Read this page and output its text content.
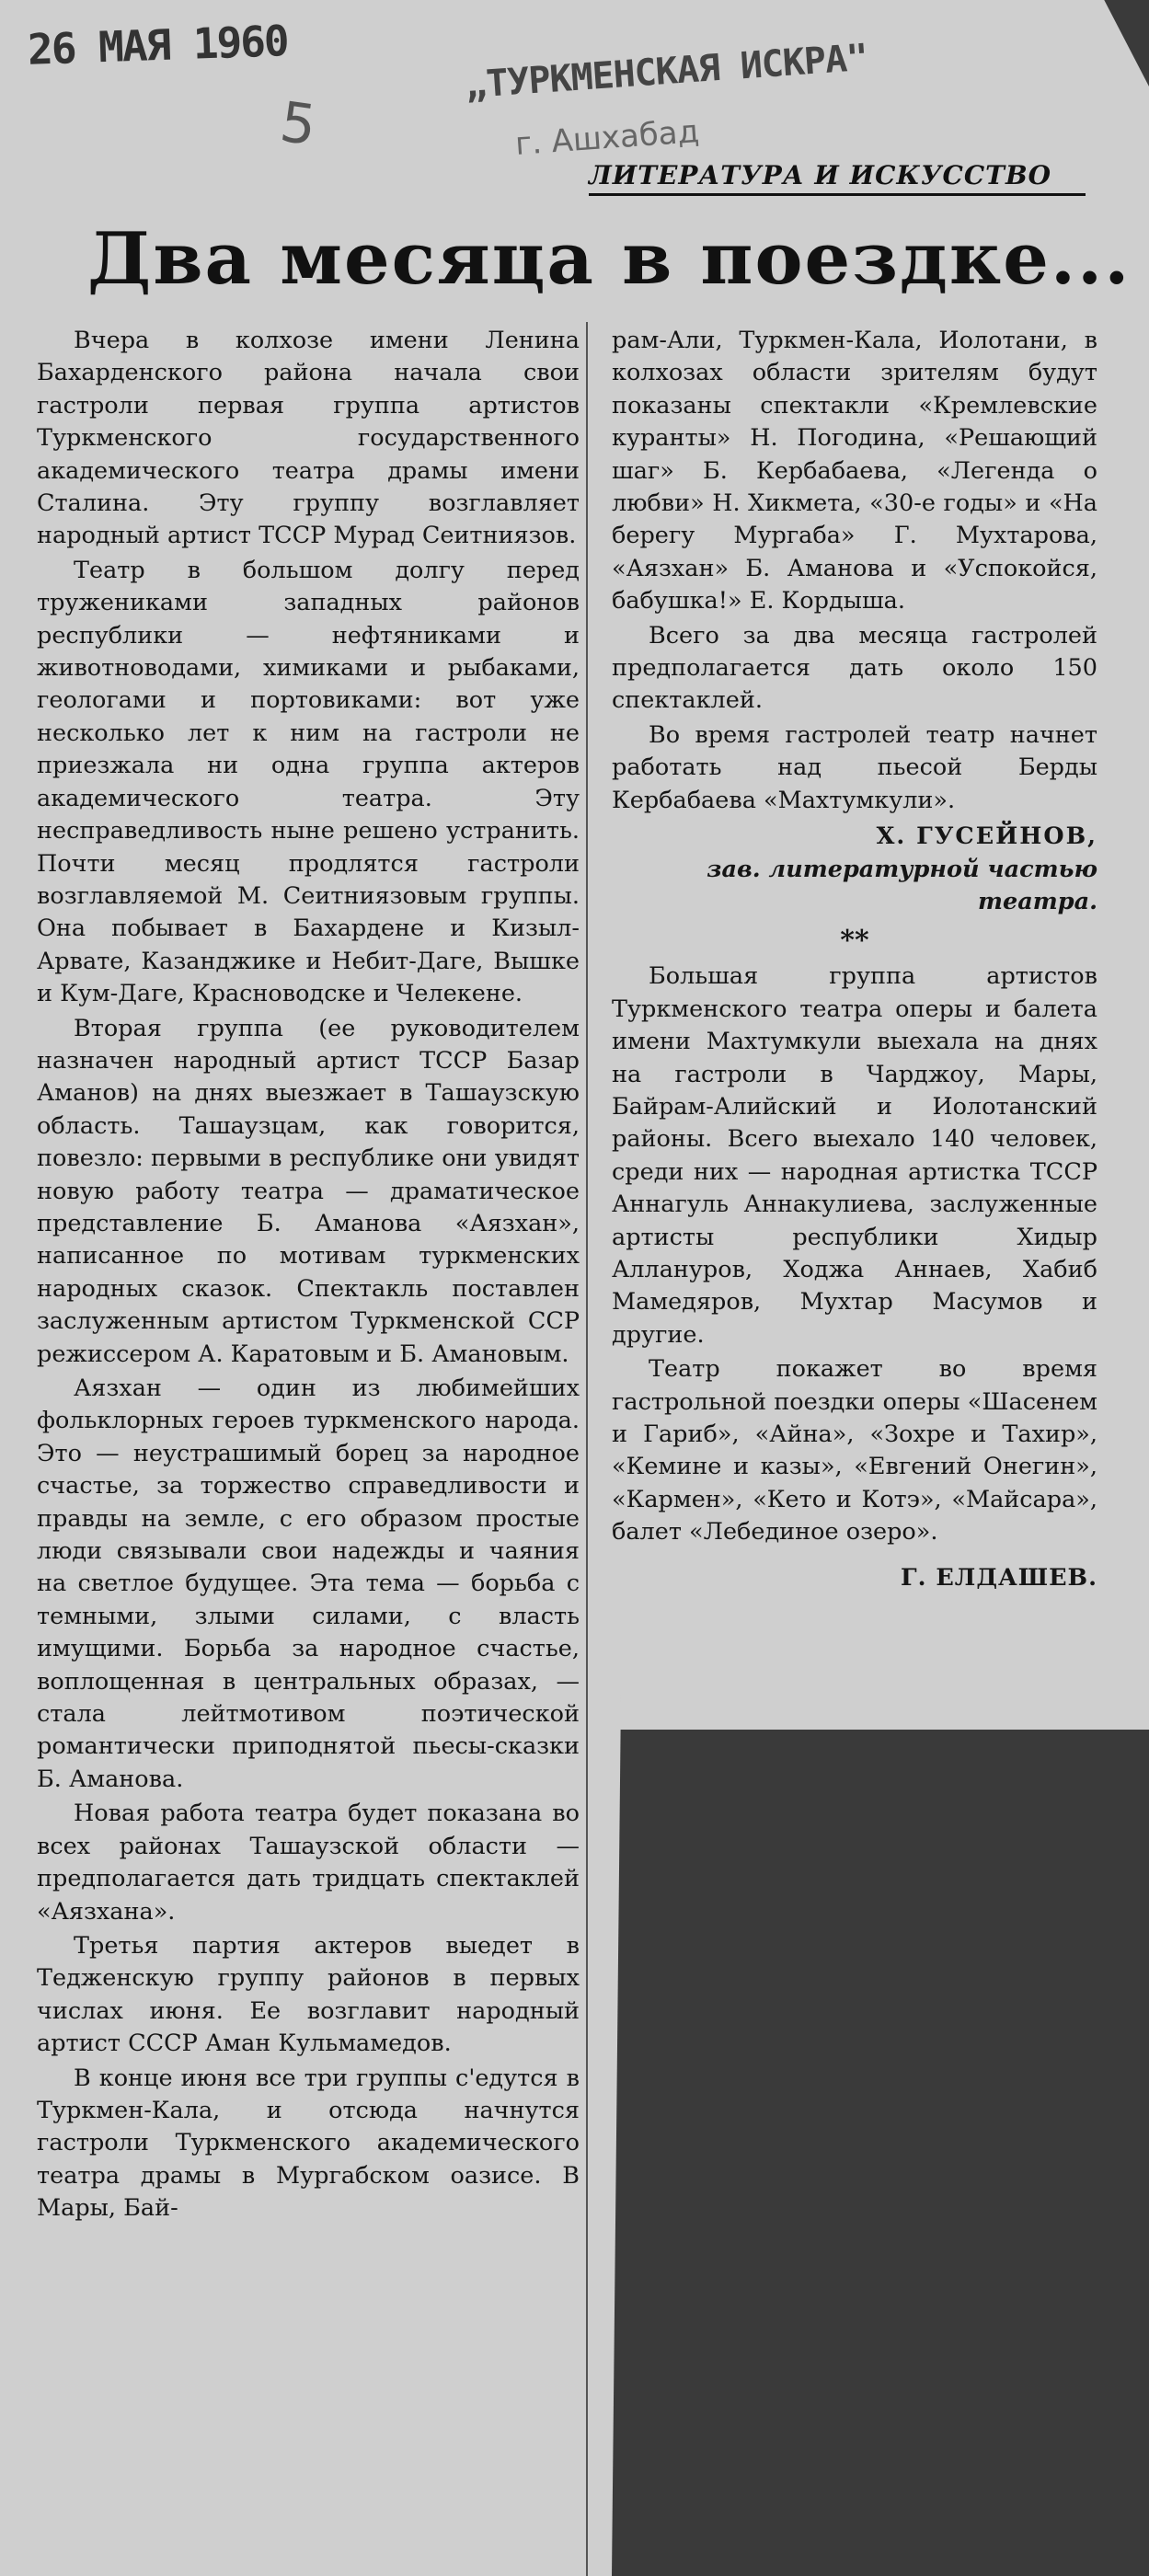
26 МАЯ 1960
5
„ТУРКМЕНСКАЯ ИСКРА"
г. Ашхабад
ЛИТЕРАТУРА И ИСКУССТВО
Два месяца в поездке...

Вчера в колхозе имени Ленина Бахарденского района начала свои гастроли первая группа артистов Туркменского государственного академического театра драмы имени Сталина. Эту группу возглавляет народный артист ТССР Мурад Сеитниязов.

Театр в большом долгу перед тружениками западных районов республики — нефтяниками и животноводами, химиками и рыбаками, геологами и портовиками: вот уже несколько лет к ним на гастроли не приезжала ни одна группа актеров академического театра. Эту несправедливость ныне решено устранить. Почти месяц продлятся гастроли возглавляемой М. Сеитниязовым группы. Она побывает в Бахардене и Кизыл-Арвате, Казанджике и Небит-Даге, Вышке и Кум-Даге, Красноводске и Челекене.

Вторая группа (ее руководителем назначен народный артист ТССР Базар Аманов) на днях выезжает в Ташаузскую область. Ташаузцам, как говорится, повезло: первыми в республике они увидят новую работу театра — драматическое представление Б. Аманова «Аязхан», написанное по мотивам туркменских народных сказок. Спектакль поставлен заслуженным артистом Туркменской ССР режиссером А. Каратовым и Б. Амановым.

Аязхан — один из любимейших фольклорных героев туркменского народа. Это — неустрашимый борец за народное счастье, за торжество справедливости и правды на земле, с его образом простые люди связывали свои надежды и чаяния на светлое будущее. Эта тема — борьба с темными, злыми силами, с власть имущими. Борьба за народное счастье, воплощенная в центральных образах, — стала лейтмотивом поэтической романтически приподнятой пьесы-сказки Б. Аманова.

Новая работа театра будет показана во всех районах Ташаузской области — предполагается дать тридцать спектаклей «Аязхана».

Третья партия актеров выедет в Тедженскую группу районов в первых числах июня. Ее возглавит народный артист СССР Аман Кульмамедов.

В конце июня все три группы с'едутся в Туркмен-Кала, и отсюда начнутся гастроли Туркменского академического театра драмы в Мургабском оазисе. В Мары, Бай-

рам-Али, Туркмен-Кала, Иолотани, в колхозах области зрителям будут показаны спектакли «Кремлевские куранты» Н. Погодина, «Решающий шаг» Б. Кербабаева, «Легенда о любви» Н. Хикмета, «30-е годы» и «На берегу Мургаба» Г. Мухтарова, «Аязхан» Б. Аманова и «Успокойся, бабушка!» Е. Кордыша.

Всего за два месяца гастролей предполагается дать около 150 спектаклей.

Во время гастролей театр начнет работать над пьесой Берды Кербабаева «Махтумкули».

Х. ГУСЕЙНОВ,
зав. литературной частью театра.
**

Большая группа артистов Туркменского театра оперы и балета имени Махтумкули выехала на днях на гастроли в Чарджоу, Мары, Байрам-Алийский и Иолотанский районы. Всего выехало 140 человек, среди них — народная артистка ТССР Аннагуль Аннакулиева, заслуженные артисты республики Хидыр Аллануров, Ходжа Аннаев, Хабиб Мамедяров, Мухтар Масумов и другие.

Театр покажет во время гастрольной поездки оперы «Шасенем и Гариб», «Айна», «Зохре и Тахир», «Кемине и казы», «Евгений Онегин», «Кармен», «Кето и Котэ», «Майсара», балет «Лебединое озеро».

Г. ЕЛДАШЕВ.
